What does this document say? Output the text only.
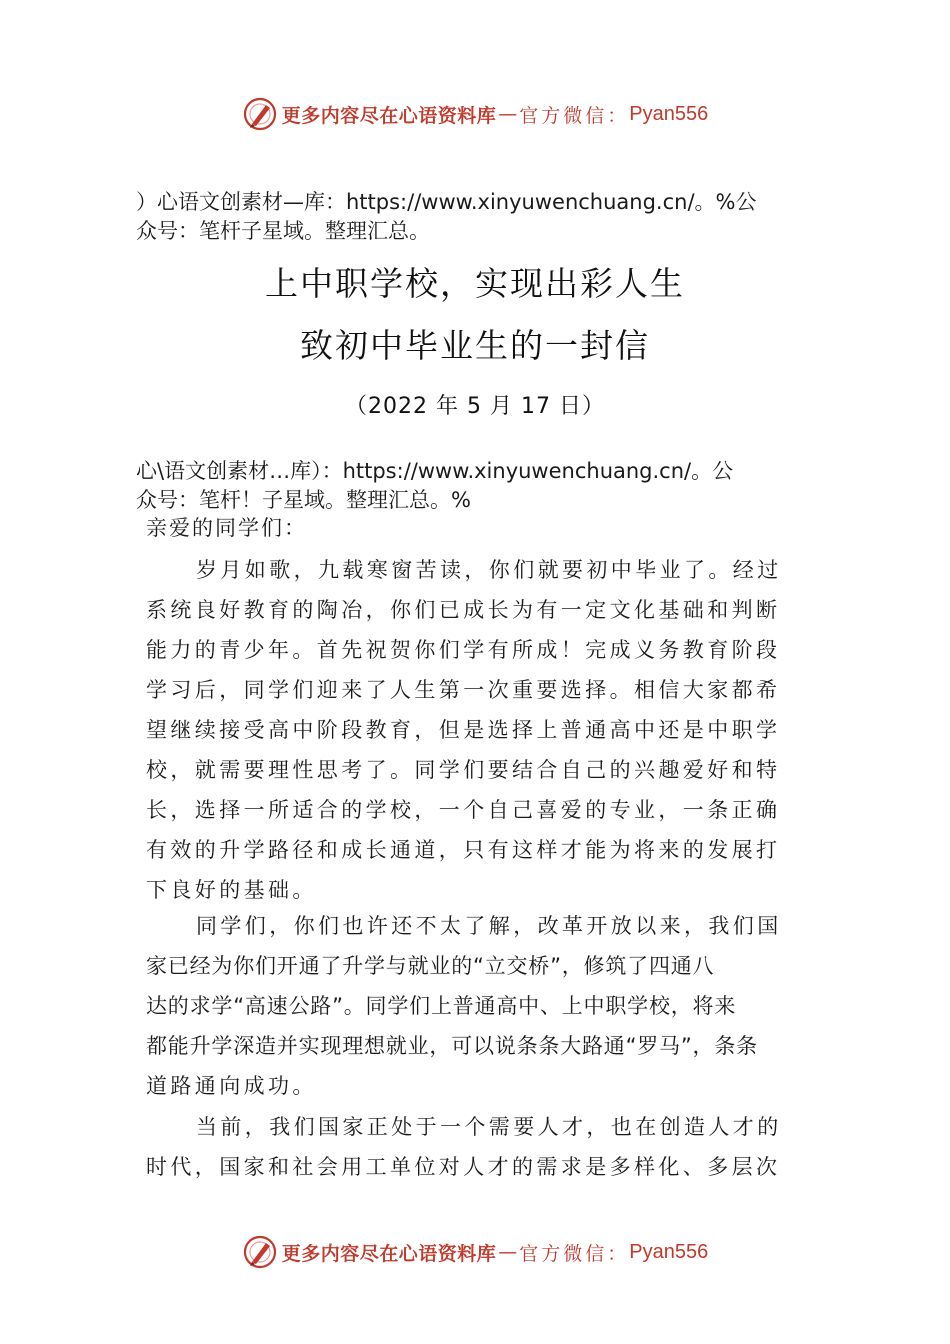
更多内容尽在心语资料库 — 官方微信： Pyan556
）心语文创素材—库：https://www.xinyuwenchuang.cn/。%公
众号：笔杆子星域。整理汇总。
上中职学校，实现出彩人生
致初中毕业生的一封信
（2022 年 5 月 17 日）
心\语文创素材…库）：https://www.xinyuwenchuang.cn/。公
众号：笔杆！子星域。整理汇总。%
亲爱的同学们：
岁月如歌，九载寒窗苦读，你们就要初中毕业了。经过
系统良好教育的陶冶，你们已成长为有一定文化基础和判断
能力的青少年。首先祝贺你们学有所成！完成义务教育阶段
学习后，同学们迎来了人生第一次重要选择。相信大家都希
望继续接受高中阶段教育，但是选择上普通高中还是中职学
校，就需要理性思考了。同学们要结合自己的兴趣爱好和特
长，选择一所适合的学校，一个自己喜爱的专业，一条正确
有效的升学路径和成长通道，只有这样才能为将来的发展打
下良好的基础。
同学们，你们也许还不太了解，改革开放以来，我们国
家已经为你们开通了升学与就业的“立交桥”，修筑了四通八
达的求学“高速公路”。同学们上普通高中、上中职学校，将来
都能升学深造并实现理想就业，可以说条条大路通“罗马”，条条
道路通向成功。
当前，我们国家正处于一个需要人才，也在创造人才的
时代，国家和社会用工单位对人才的需求是多样化、多层次
更多内容尽在心语资料库 — 官方微信： Pyan556
